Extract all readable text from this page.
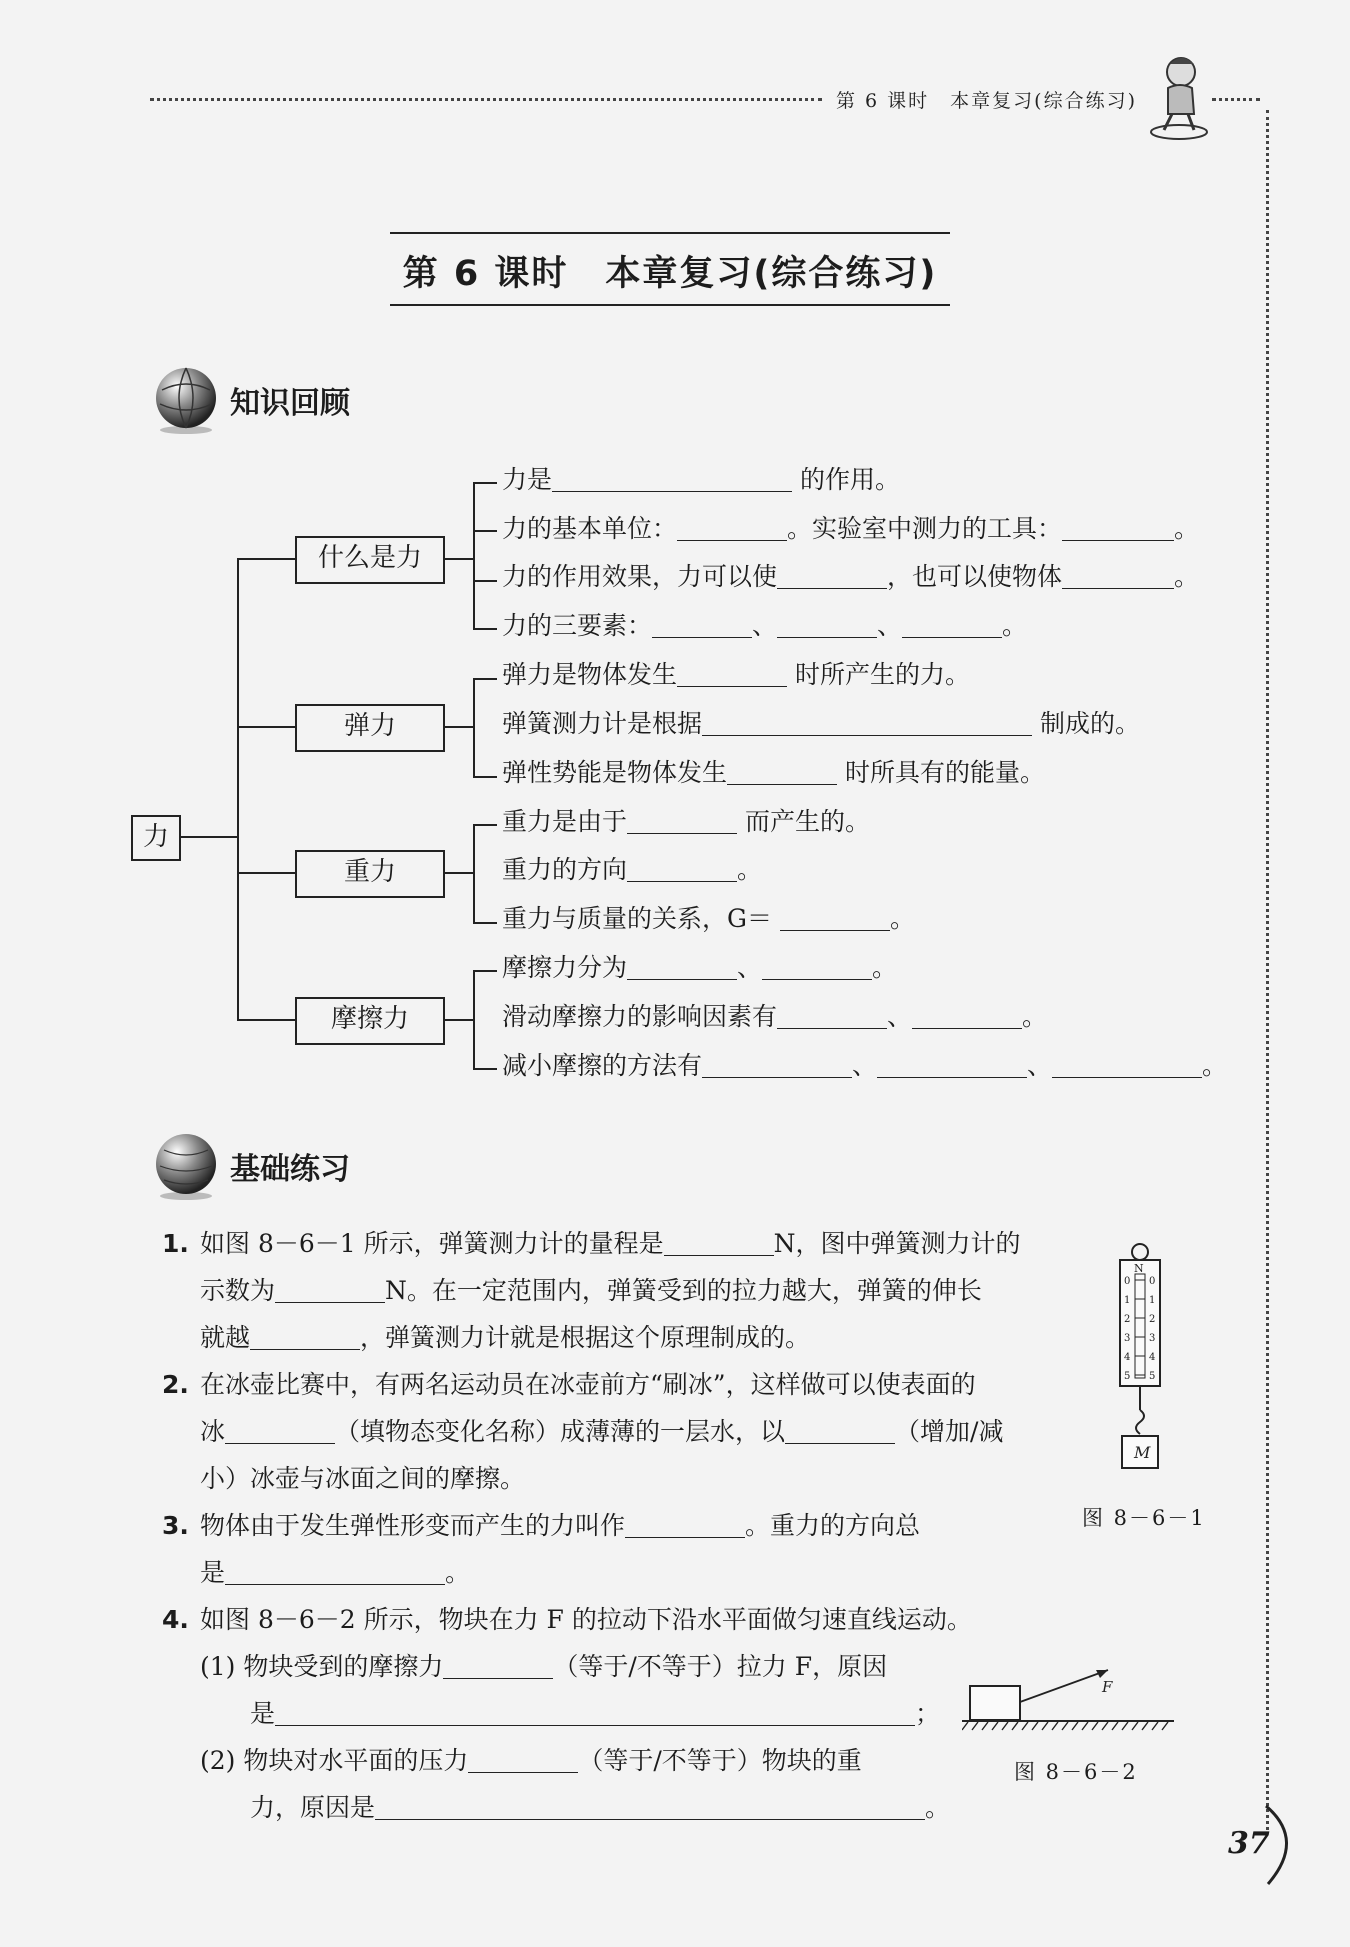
第 6 课时　本章复习(综合练习)
第 6 课时　本章复习(综合练习)
知识回顾
力
什么是力
弹力
重力
摩擦力
力是	的作用。
力的基本单位：	。实验室中测力的工具：	。
力的作用效果，力可以使	，也可以使物体	。
力的三要素：	、	、	。
弹力是物体发生	时所产生的力。
弹簧测力计是根据	制成的。
弹性势能是物体发生	时所具有的能量。
重力是由于	而产生的。
重力的方向	。
重力与质量的关系，G＝	。
摩擦力分为	、	。
滑动摩擦力的影响因素有	、	。
减小摩擦的方法有	、	、	。
基础练习
1. 如图 8－6－1 所示，弹簧测力计的量程是	N，图中弹簧测力计的
示数为	N。在一定范围内，弹簧受到的拉力越大，弹簧的伸长
就越	，弹簧测力计就是根据这个原理制成的。
2. 在冰壶比赛中，有两名运动员在冰壶前方“刷冰”，这样做可以使表面的
冰	（填物态变化名称）成薄薄的一层水，以	（增加/减
小）冰壶与冰面之间的摩擦。
3. 物体由于发生弹性形变而产生的力叫作	。重力的方向总
是	。
4. 如图 8－6－2 所示，物块在力 F 的拉动下沿水平面做匀速直线运动。
(1) 物块受到的摩擦力	（等于/不等于）拉力 F，原因
是	；
(2) 物块对水平面的压力	（等于/不等于）物块的重
力，原因是	。
N
0 0
1 1
2 2
3 3
4 4
5 5
M
图 8－6－1
F
图 8－6－2
37
